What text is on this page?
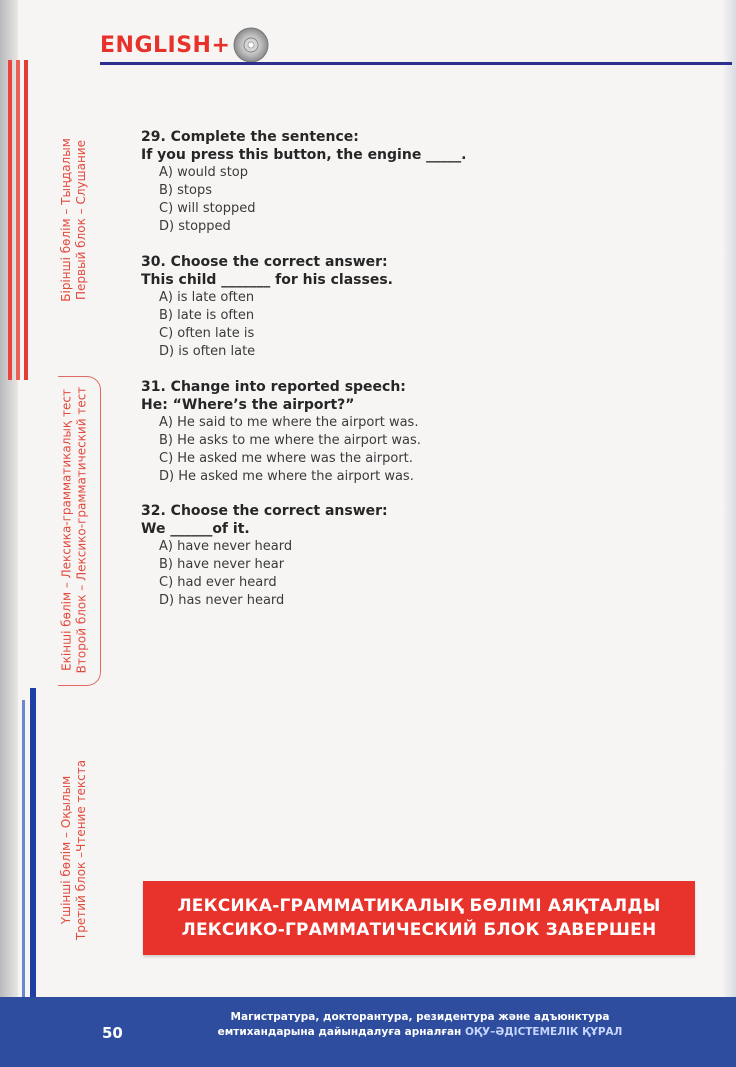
ENGLISH+
Бірінші бөлім – Тыңдалым Первый блок – Слушание
Екінші бөлім – Лексика-грамматикалық тест Второй блок – Лексико-грамматический тест
Үшінші бөлім – Оқылым Третий блок –Чтение текста
29. Complete the sentence:
If you press this button, the engine _____.
A) would stop
B) stops
C) will stopped
D) stopped
30. Choose the correct answer:
This child _______ for his classes.
A) is late often
B) late is often
C) often late is
D) is often late
31. Change into reported speech:
He: “Where’s the airport?”
A) He said to me where the airport was.
B) He asks to me where the airport was.
C) He asked me where was the airport.
D) He asked me where the airport was.
32. Choose the correct answer:
We ______of it.
A) have never heard
B) have never hear
C) had ever heard
D) has never heard
ЛЕКСИКА-ГРАММАТИКАЛЫҚ БӨЛІМІ АЯҚТАЛДЫ
ЛЕКСИКО-ГРАММАТИЧЕСКИЙ БЛОК ЗАВЕРШЕН
50
Магистратура, докторантура, резидентура және адъюнктура
емтихандарына дайындалуға арналған ОҚУ–ӘДІСТЕМЕЛІК ҚҰРАЛ
